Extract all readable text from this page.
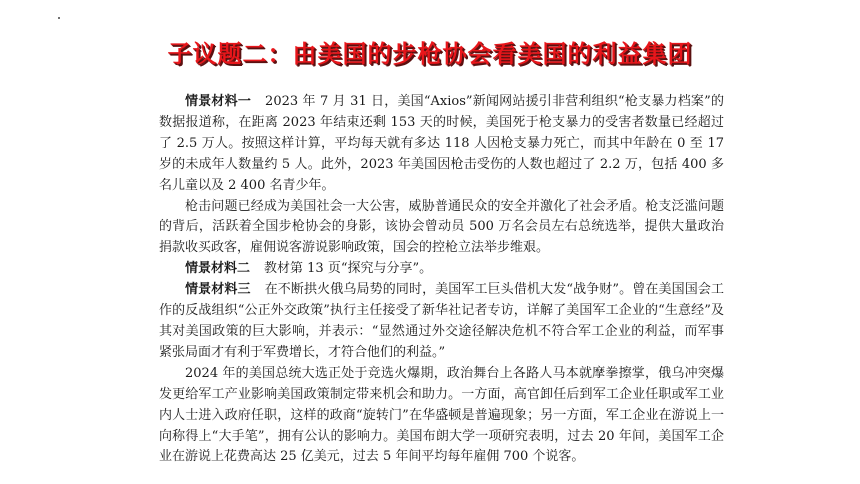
子议题二：由美国的步枪协会看美国的利益集团

情景材料一 2023 年 7 月 31 日，美国“Axios”新闻网站援引非营利组织“枪支暴力档案”的数据报道称，在距离 2023 年结束还剩 153 天的时候，美国死于枪支暴力的受害者数量已经超过了 2.5 万人。按照这样计算，平均每天就有多达 118 人因枪支暴力死亡，而其中年龄在 0 至 17 岁的未成年人数量约 5 人。此外，2023 年美国因枪击受伤的人数也超过了 2.2 万，包括 400 多名儿童以及 2 400 名青少年。

枪击问题已经成为美国社会一大公害，威胁普通民众的安全并激化了社会矛盾。枪支泛滥问题的背后，活跃着全国步枪协会的身影，该协会曾动员 500 万名会员左右总统选举，提供大量政治捐款收买政客，雇佣说客游说影响政策，国会的控枪立法举步维艰。

情景材料二 教材第 13 页“探究与分享”。

情景材料三 在不断拱火俄乌局势的同时，美国军工巨头借机大发“战争财”。曾在美国国会工作的反战组织“公正外交政策”执行主任接受了新华社记者专访，详解了美国军工企业的“生意经”及其对美国政策的巨大影响，并表示：“显然通过外交途径解决危机不符合军工企业的利益，而军事紧张局面才有利于军费增长，才符合他们的利益。”

2024 年的美国总统大选正处于竞选火爆期，政治舞台上各路人马本就摩拳擦掌，俄乌冲突爆发更给军工产业影响美国政策制定带来机会和助力。一方面，高官卸任后到军工企业任职或军工业内人士进入政府任职，这样的政商“旋转门”在华盛顿是普遍现象；另一方面，军工企业在游说上一向称得上“大手笔”，拥有公认的影响力。美国布朗大学一项研究表明，过去 20 年间，美国军工企业在游说上花费高达 25 亿美元，过去 5 年间平均每年雇佣 700 个说客。
